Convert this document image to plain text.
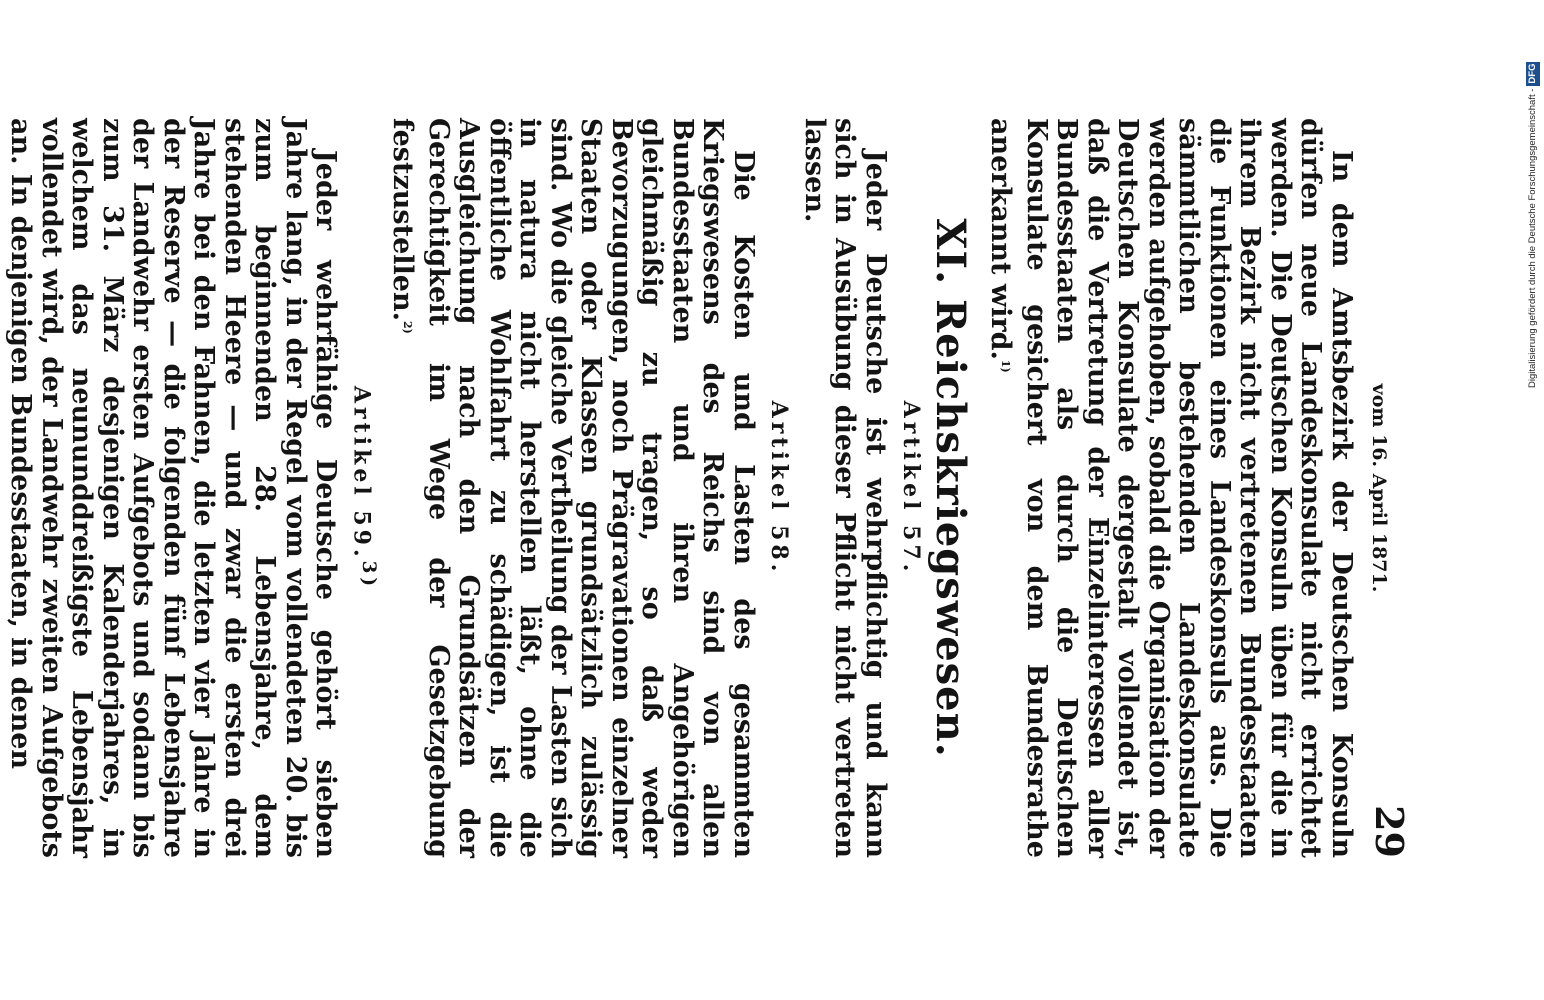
vom 16. April 1871.
29

In dem Amtsbezirk der Deutschen Konsuln dürfen neue Landeskonsulate nicht errichtet werden. Die Deutschen Konsuln üben für die in ihrem Bezirk nicht vertretenen Bundesstaaten die Funktionen eines Landeskonsuls aus. Die sämmtlichen bestehenden Landeskonsulate werden aufgehoben, sobald die Organisation der Deutschen Konsulate dergestalt vollendet ist, daß die Vertretung der Einzelinteressen aller Bundesstaaten als durch die Deutschen Konsulate gesichert von dem Bundesrathe anerkannt wird.$^{1)}$

XI.Reichskriegswesen.
Artikel 57.

Jeder Deutsche ist wehrpflichtig und kann sich in Ausübung dieser Pflicht nicht vertreten lassen.

Artikel 58.

Die Kosten und Lasten des gesammten Kriegswesens des Reichs sind von allen Bundesstaaten und ihren Angehörigen gleichmäßig zu tragen, so daß weder Bevorzugungen, noch Prägravationen einzelner Staaten oder Klassen grundsätzlich zulässig sind. Wo die gleiche Vertheilung der Lasten sich in natura nicht herstellen läßt, ohne die öffentliche Wohlfahrt zu schädigen, ist die Ausgleichung nach den Grundsätzen der Gerechtigkeit im Wege der Gesetzgebung festzustellen.$^{2)}$

Artikel 59.$^{3)}$

Jeder wehrfähige Deutsche gehört sieben Jahre lang, in der Regel vom vollendeten 20. bis zum beginnenden 28. Lebensjahre, dem stehenden Heere — und zwar die ersten drei Jahre bei den Fahnen, die letzten vier Jahre in der Reserve — die folgenden fünf Lebensjahre der Landwehr ersten Aufgebots und sodann bis zum 31. März desjenigen Kalenderjahres, in welchem das neununddreißigste Lebensjahr vollendet wird, der Landwehr zweiten Aufgebots an. In denjenigen Bundesstaaten, in denen	Digitalisierung gefördert durch die Deutsche Forschungsgemeinschaft -DFG
